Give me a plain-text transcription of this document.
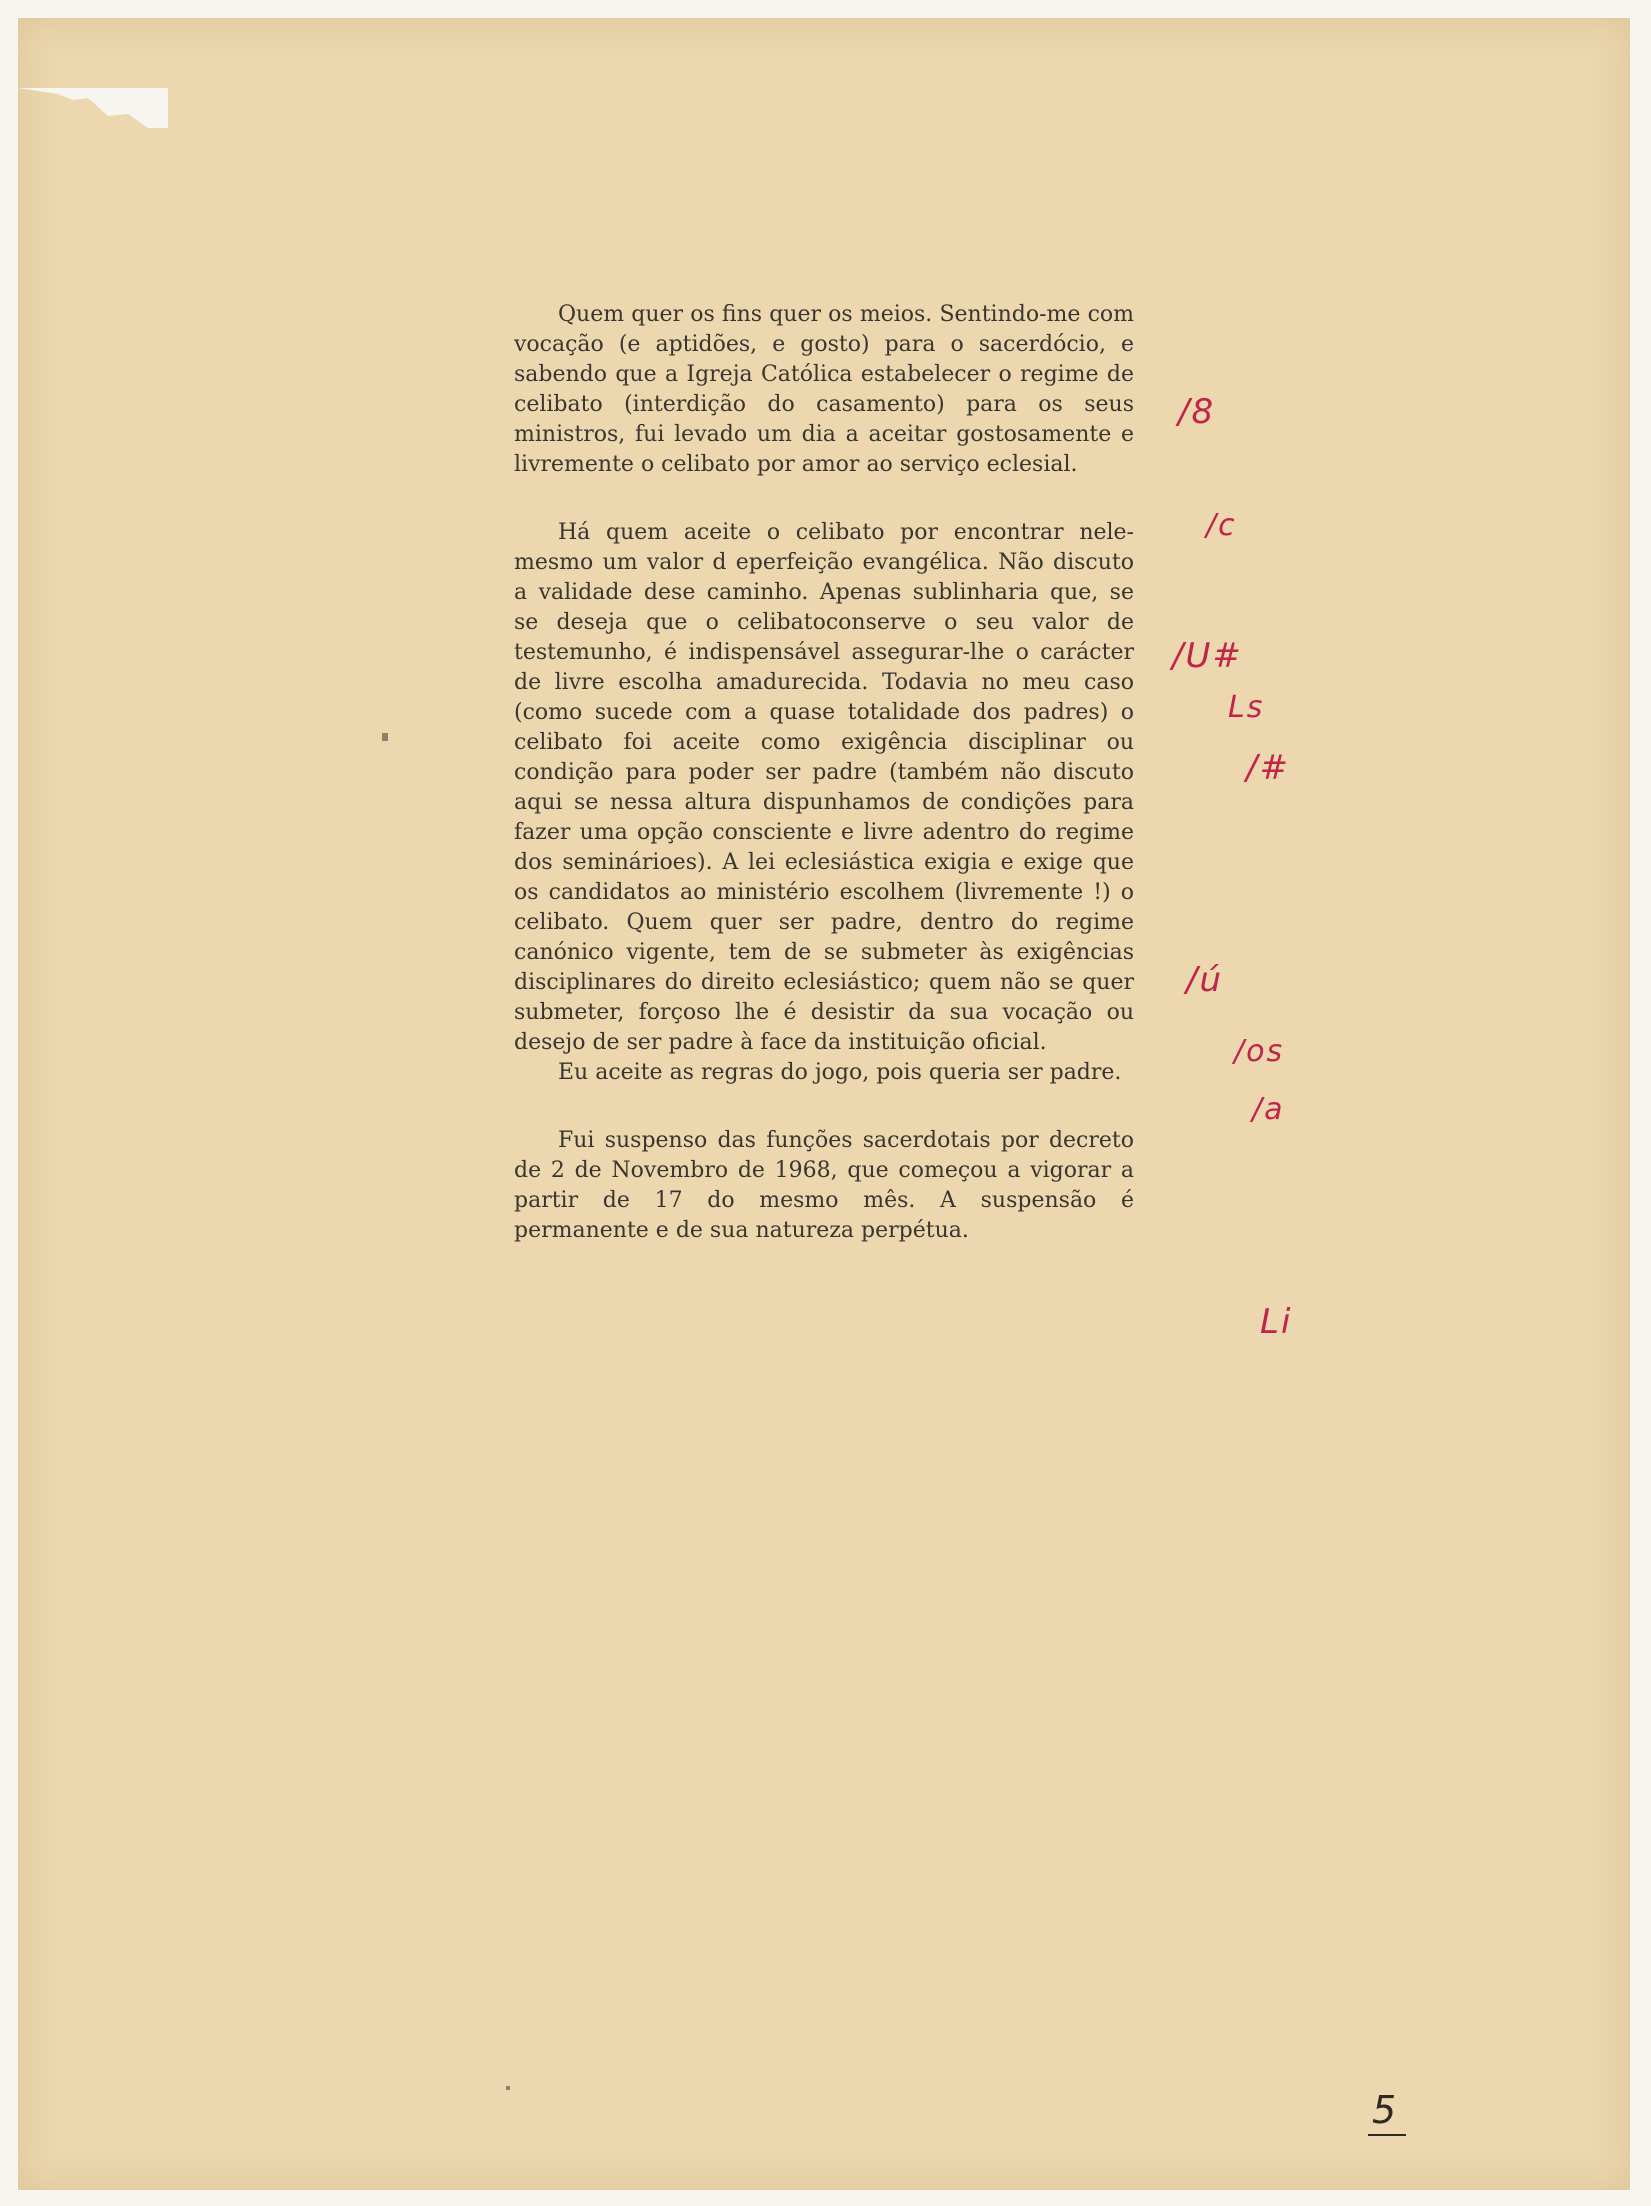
Quem quer os fins quer os meios. Sentindo-me com vocação (e aptidões, e gosto) para o sacerdócio, e sabendo que a Igreja Católica estabelecer o regime de celibato (interdição do casamento) para os seus ministros, fui levado um dia a aceitar gostosamente e livremente o celibato por amor ao serviço eclesial.

Há quem aceite o celibato por encontrar nele-mesmo um valor d eperfeição evangélica. Não discuto a validade dese caminho. Apenas sublinharia que, se se deseja que o celibatoconserve o seu valor de testemunho, é indispensável assegurar-lhe o carácter de livre escolha amadurecida. Todavia no meu caso (como sucede com a quase totalidade dos padres) o celibato foi aceite como exigência disciplinar ou condição para poder ser padre (também não discuto aqui se nessa altura dispunhamos de condições para fazer uma opção consciente e livre adentro do regime dos seminárioes). A lei eclesiástica exigia e exige que os candidatos ao ministério escolhem (livremente !) o celibato. Quem quer ser padre, dentro do regime canónico vigente, tem de se submeter às exigências disciplinares do direito eclesiástico; quem não se quer submeter, forçoso lhe é desistir da sua vocação ou desejo de ser padre à face da instituição oficial.

Eu aceite as regras do jogo, pois queria ser padre.

Fui suspenso das funções sacerdotais por decreto de 2 de Novembro de 1968, que começou a vigorar a partir de 17 do mesmo mês. A suspensão é permanente e de sua natureza perpétua.

/8
/c
/U#
Ls
/#
/ú
/os
/a
Li
5
